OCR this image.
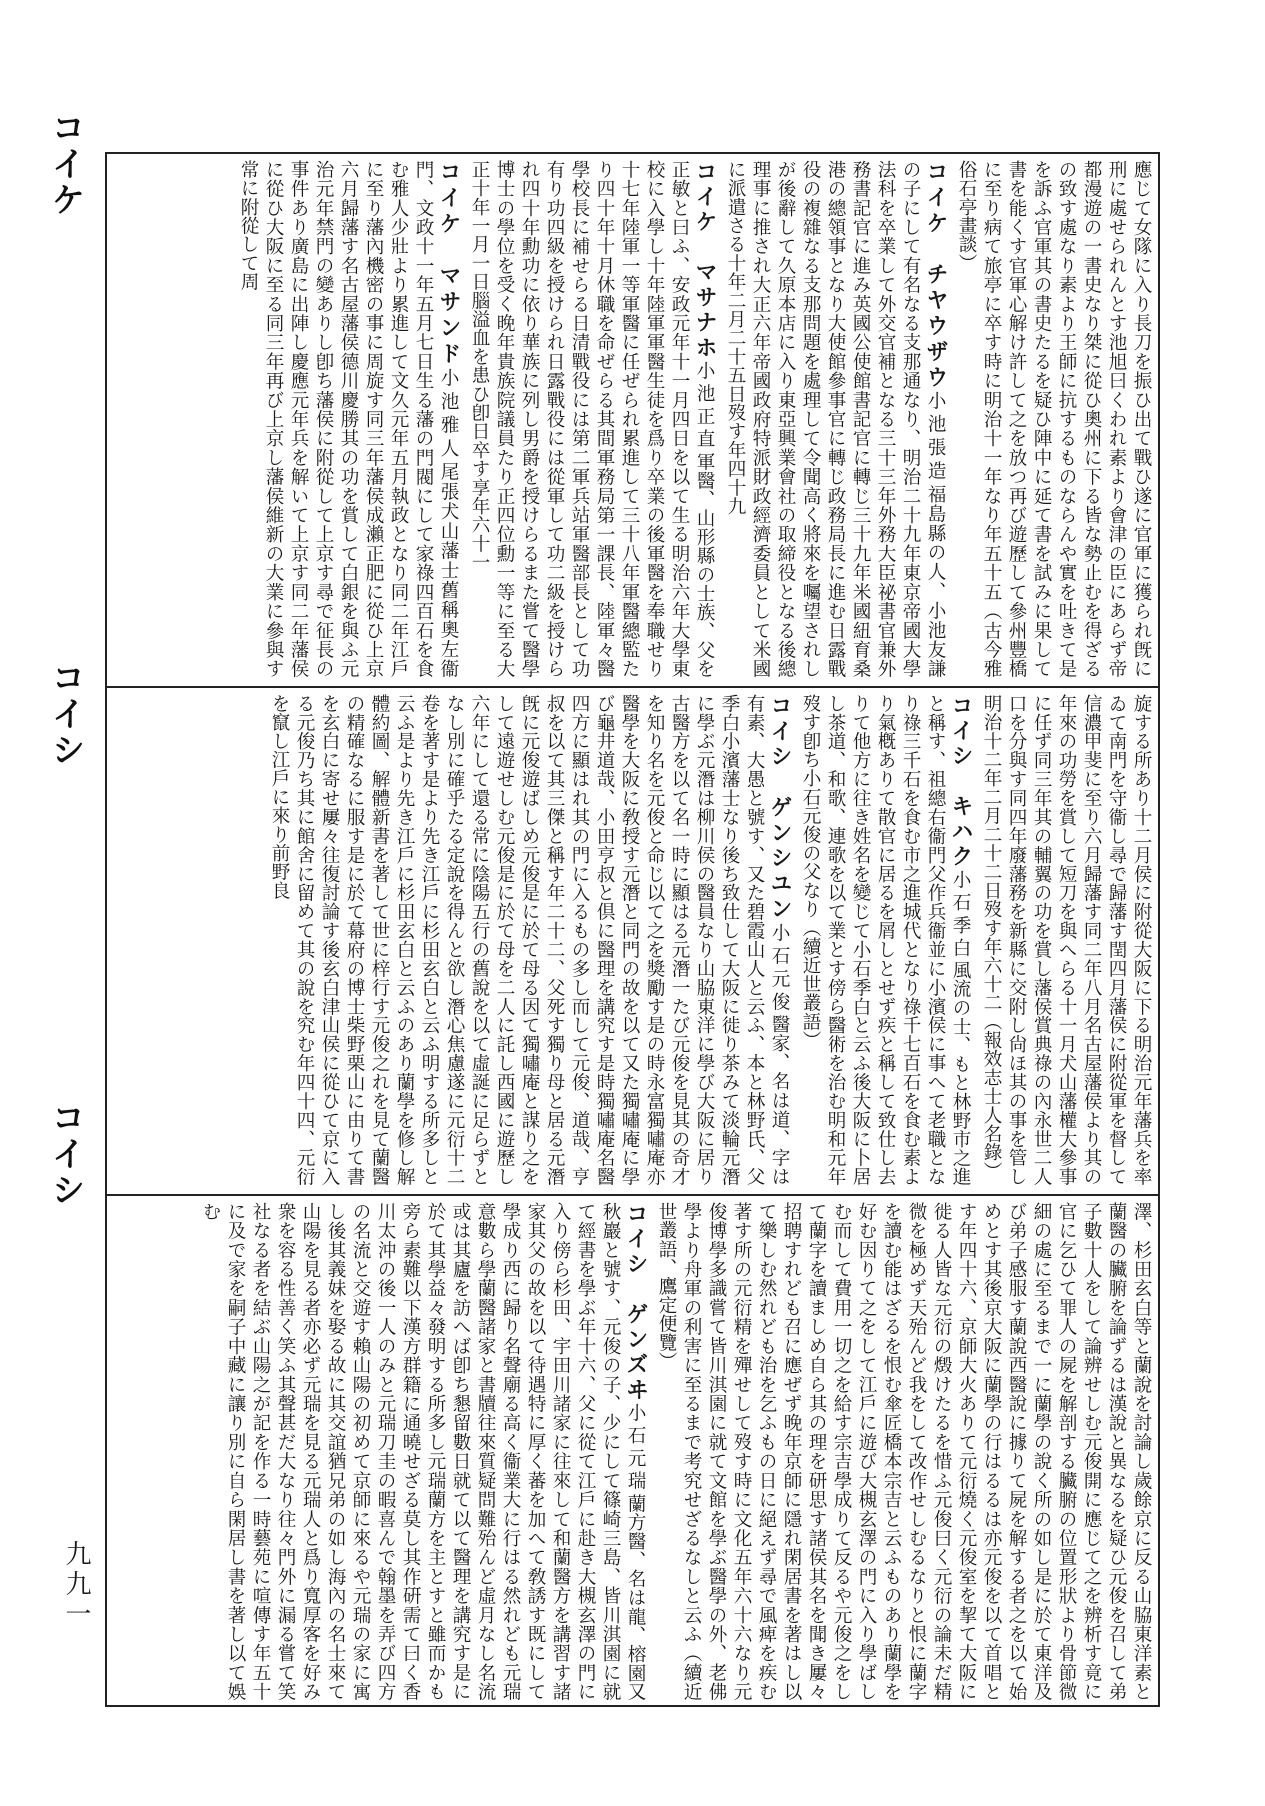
コイケ
コイシ
コイシ
九九一
應じて女隊に入り長刀を振ひ出て戰ひ遂に官軍に獲られ旣に刑に處せられんとす池旭曰くわれ素より會津の臣にあらず帝都漫遊の一書史なり桀に從ひ奧州に下る皆な勢止むを得ざるの致す處なり素より王師に抗するものならんや實を吐きて是を訴ふ官軍其の書史たるを疑ひ陣中に延て書を試みに果して書を能くす官軍心解け許して之を放つ再び遊歷して參州豐橋に至り病て旅亭に卒す時に明治十一年なり年五十五（古今雅俗石亭畫談）
コイケ　チヤウザウ小池張造福島縣の人、小池友謙の子にして有名なる支那通なり、明治二十九年東京帝國大學法科を卒業して外交官補となる三十三年外務大臣祕書官兼外務書記官に進み英國公使館書記官に轉じ三十九年米國紐育桑港の總領事となり大使館參事官に轉じ政務局長に進む日露戰役の複雜なる支那問題を處理して令聞高く將來を囑望されしが後辭して久原本店に入り東亞興業會社の取締役となる後總理事に推され大正六年帝國政府特派財政經濟委員として米國に派遣さる十年二月二十五日歿す年四十九
コイケ　マサナホ小池正直軍醫、山形縣の士族、父を正敏と曰ふ、安政元年十一月四日を以て生る明治六年大學東校に入學し十年陸軍軍醫生徒を爲り卒業の後軍醫を奉職せり十七年陸軍一等軍醫に任ぜられ累進して三十八年軍醫總監たり四十年十月休職を命ぜらる其間軍務局第一課長、陸軍々醫學校長に補せらる日清戰役には第二軍兵站軍醫部長として功有り功四級を授けられ日露戰役には從軍して功二級を授けられ四十年勳功に依り華族に列し男爵を授けらるまた嘗て醫學博士の學位を受く晚年貴族院議員たり正四位勳一等に至る大正十年一月一日腦溢血を患ひ卽日卒す享年六十一
コイケ　マサンド小池雅人尾張犬山藩士舊稱奧左衞門、文政十一年五月七日生る藩の門閥にして家祿四百石を食む雅人少壯より累進して文久元年五月執政となり同二年江戶に至り藩內機密の事に周旋す同三年藩侯成瀨正肥に從ひ上京六月歸藩す名古屋藩侯德川慶勝其の功を賞して白銀を與ふ元治元年禁門の變ありし卽ち藩侯に附從して上京す尋で征長の事件あり廣島に出陣し慶應元年兵を解いて上京す同二年藩侯に從ひ大阪に至る同三年再び上京し藩侯維新の大業に參與す常に附從して周
旋する所あり十二月侯に附從大阪に下る明治元年藩兵を率ゐて南門を守衞し尋で歸藩す閏四月藩侯に附從軍を督して信濃甲斐に至り六月歸藩す同二年八月名古屋藩侯より其の年來の功勞を賞して短刀を與へらる十一月犬山藩權大參事に任ず同三年其の輔翼の功を賞し藩侯賞典祿の內永世二人口を分與す同四年廢藩務を新縣に交附し尙ほ其の事を管し明治十二年二月二十二日歿す年六十二（報效志士人名錄）
コイシ　キハク小石季白風流の士、もと林野市之進と稱す、祖總右衞門父作兵衞並に小濱侯に事へて老職となり祿三千石を食む市之進城代となり祿千七百石を食む素より氣槪ありて散官に居るを屑しとせず疾と稱して致仕し去りて他方に往き姓名を變じて小石季白と云ふ後大阪に卜居し茶道、和歌、連歌を以て業とす傍ら醫術を治む明和元年歿す卽ち小石元俊の父なり（續近世叢語）
コイシ　ゲンシユン小石元俊醫家、名は道、字は有素、大愚と號す、又た碧霞山人と云ふ、本と林野氏、父季白小濱藩士なり後ち致仕して大阪に徙り茶みて淡輪元潛に學ぶ元潛は柳川侯の醫員なり山脇東洋に學び大阪に居り古醫方を以て名一時に顯はる元潛一たび元俊を見其の奇才を知り名を元俊と命じ以て之を獎勵す是の時永富獨嘯庵亦醫學を大阪に敎授す元潛と同門の故を以て又た獨嘯庵に學び龜井道哉、小田亨叔と倶に醫理を講究す是時獨嘯庵名醫四方に顯はれ其の門に入るもの多し而して元俊、道哉、亨叔を以て其三傑と稱す年二十二、父死す獨り母と居る元潛旣に元俊遊ばしめ元俊是に於て母る因て獨嘯庵と謀り之をして遠遊せしむ元俊是に於て母を二人に託し西國に遊歷し六年にして還る常に陰陽五行の舊說を以て虛誕に足らずとなし別に確乎たる定說を得んと欲し潛心焦慮遂に元衍十二卷を著す是より先き江戶に杉田玄白と云ふ明する所多しと云ふ是より先き江戶に杉田玄白と云ふのあり蘭學を修し解體約圖、解體新書を著して世に梓行す元俊之れを見て蘭醫の精確なるに服す是に於て幕府の博士柴野栗山に由りて書を玄白に寄せ屢々往復討論す後玄白津山侯に從ひて京に入る元俊乃ち其に館舍に留めて其の說を究む年四十四、元衍を竄し江戶に來り前野良
澤、杉田玄白等と蘭說を討論し歲餘京に反る山脇東洋素と蘭醫の臟腑を論ずるは漢說と異なるを疑ひ元俊を召して弟子數十人をして論辨せしむ元俊開に應じて之を辨析す竟に官に乞ひて罪人の屍を解剖する臟腑の位置形狀より骨節微細の處に至るまで一に蘭學の說く所の如し是に於て東洋及び弟子感服す蘭說西醫說に據りて屍を解する者之を以て始めとす其後京大阪に蘭學の行はるるは亦元俊を以て首唱とす年四十六、京師大火ありて元衍燒く元俊室を挈て大阪に徙る人皆な元衍の燬けたるを惜ふ元俊曰く元衍の論未だ精微を極めず天殆んど我をして改作せしむるなりと恨に蘭字を讀む能はざるを恨む傘匠橋本宗吉と云ふものあり蘭學を好む因りて之をして江戶に遊び大槻玄澤の門に入り學ばしむ而して費用一切之を給す宗吉學成りて反るや元俊之をして蘭字を讀ましめ自ら其の理を研思す諸侯其名を聞き屢々招聘すれども召に應ぜず晚年京師に隱れ閑居書を著はし以て樂しむ然れども治を乞ふもの日に絕えず尋で風痺を疾む著す所の元衍精を殫せして歿す時に文化五年六十六なり元俊博學多識嘗て皆川淇園に就て文館を學ぶ醫學の外、老佛學より舟軍の利害に至るまで考究せざるなしと云ふ（續近世叢語、鷹定便覽）
コイシ　ゲンズヰ小石元瑞蘭方醫、名は龍、榕園又秋巖と號す、元俊の子、少にして篠崎三島、皆川淇園に就て經書を學ぶ年十六、父に從て江戶に赴き大槻玄澤の門に入り傍ら杉田、宇田川諸家に往來して和蘭醫方を講習す諸家其父の故を以て待遇特に厚く蕃を加へて敎誘す既にして學成り西に歸り名聲廟る高く衞業大に行はる然れども元瑞意數ら學蘭醫諸家と書牘往來質疑問難殆んど虛月なし名流或は其廬を訪へば卽ち懇留數日就て以て醫理を講究す是に於て其學益々發明する所多し元瑞蘭方を主とすと雖而かも旁ら素難以下漢方群籍に通曉せざる莫し其作硏需て曰く香川太沖の後一人のみと元瑞刀圭の暇喜んで翰墨を弄び四方の名流と交遊す賴山陽の初めて京師に來るや元瑞の家に寓し後其義妹を娶る故に其交誼猶兄弟の如し海內の名士來て山陽を見る者亦必ず元瑞を見る元瑞人と爲り寬厚客を好み衆を容る性善く笑ふ其聲甚だ大なり往々門外に漏る嘗て笑社なる者を結ぶ山陽之が記を作る一時藝苑に喧傳す年五十に及で家を嗣子中藏に讓り別に自ら閑居し書を著し以て娛む
